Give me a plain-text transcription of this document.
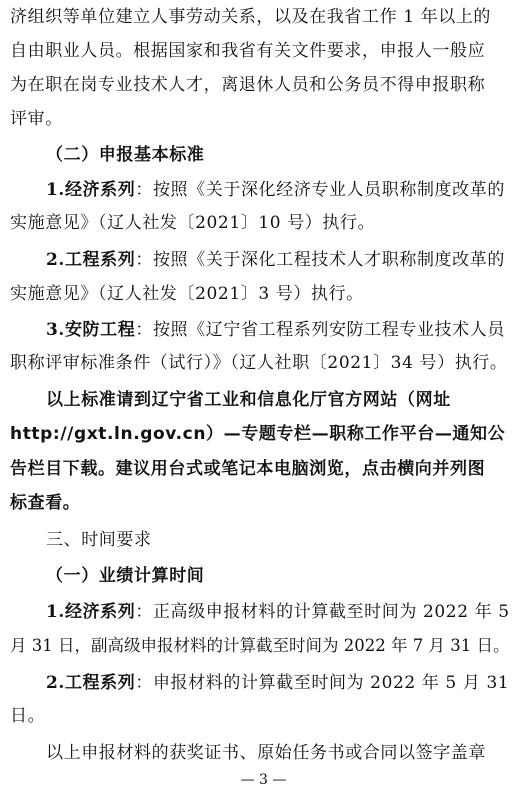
济组织等单位建立人事劳动关系，以及在我省工作 1 年以上的
自由职业人员。根据国家和我省有关文件要求，申报人一般应
为在职在岗专业技术人才，离退休人员和公务员不得申报职称
评审。
（二）申报基本标准
1.经济系列：按照《关于深化经济专业人员职称制度改革的
实施意见》（辽人社发〔2021〕10 号）执行。
2.工程系列：按照《关于深化工程技术人才职称制度改革的
实施意见》（辽人社发〔2021〕3 号）执行。
3.安防工程：按照《辽宁省工程系列安防工程专业技术人员
职称评审标准条件（试行）》（辽人社职〔2021〕34 号）执行。
以上标准请到辽宁省工业和信息化厅官方网站（网址
http://gxt.ln.gov.cn）—专题专栏—职称工作平台—通知公
告栏目下载。建议用台式或笔记本电脑浏览，点击横向并列图
标查看。
三、时间要求
（一）业绩计算时间
1.经济系列：正高级申报材料的计算截至时间为 2022 年 5
月 31 日，副高级申报材料的计算截至时间为 2022 年 7 月 31 日。
2.工程系列：申报材料的计算截至时间为 2022 年 5 月 31
日。
以上申报材料的获奖证书、原始任务书或合同以签字盖章
— 3 —
